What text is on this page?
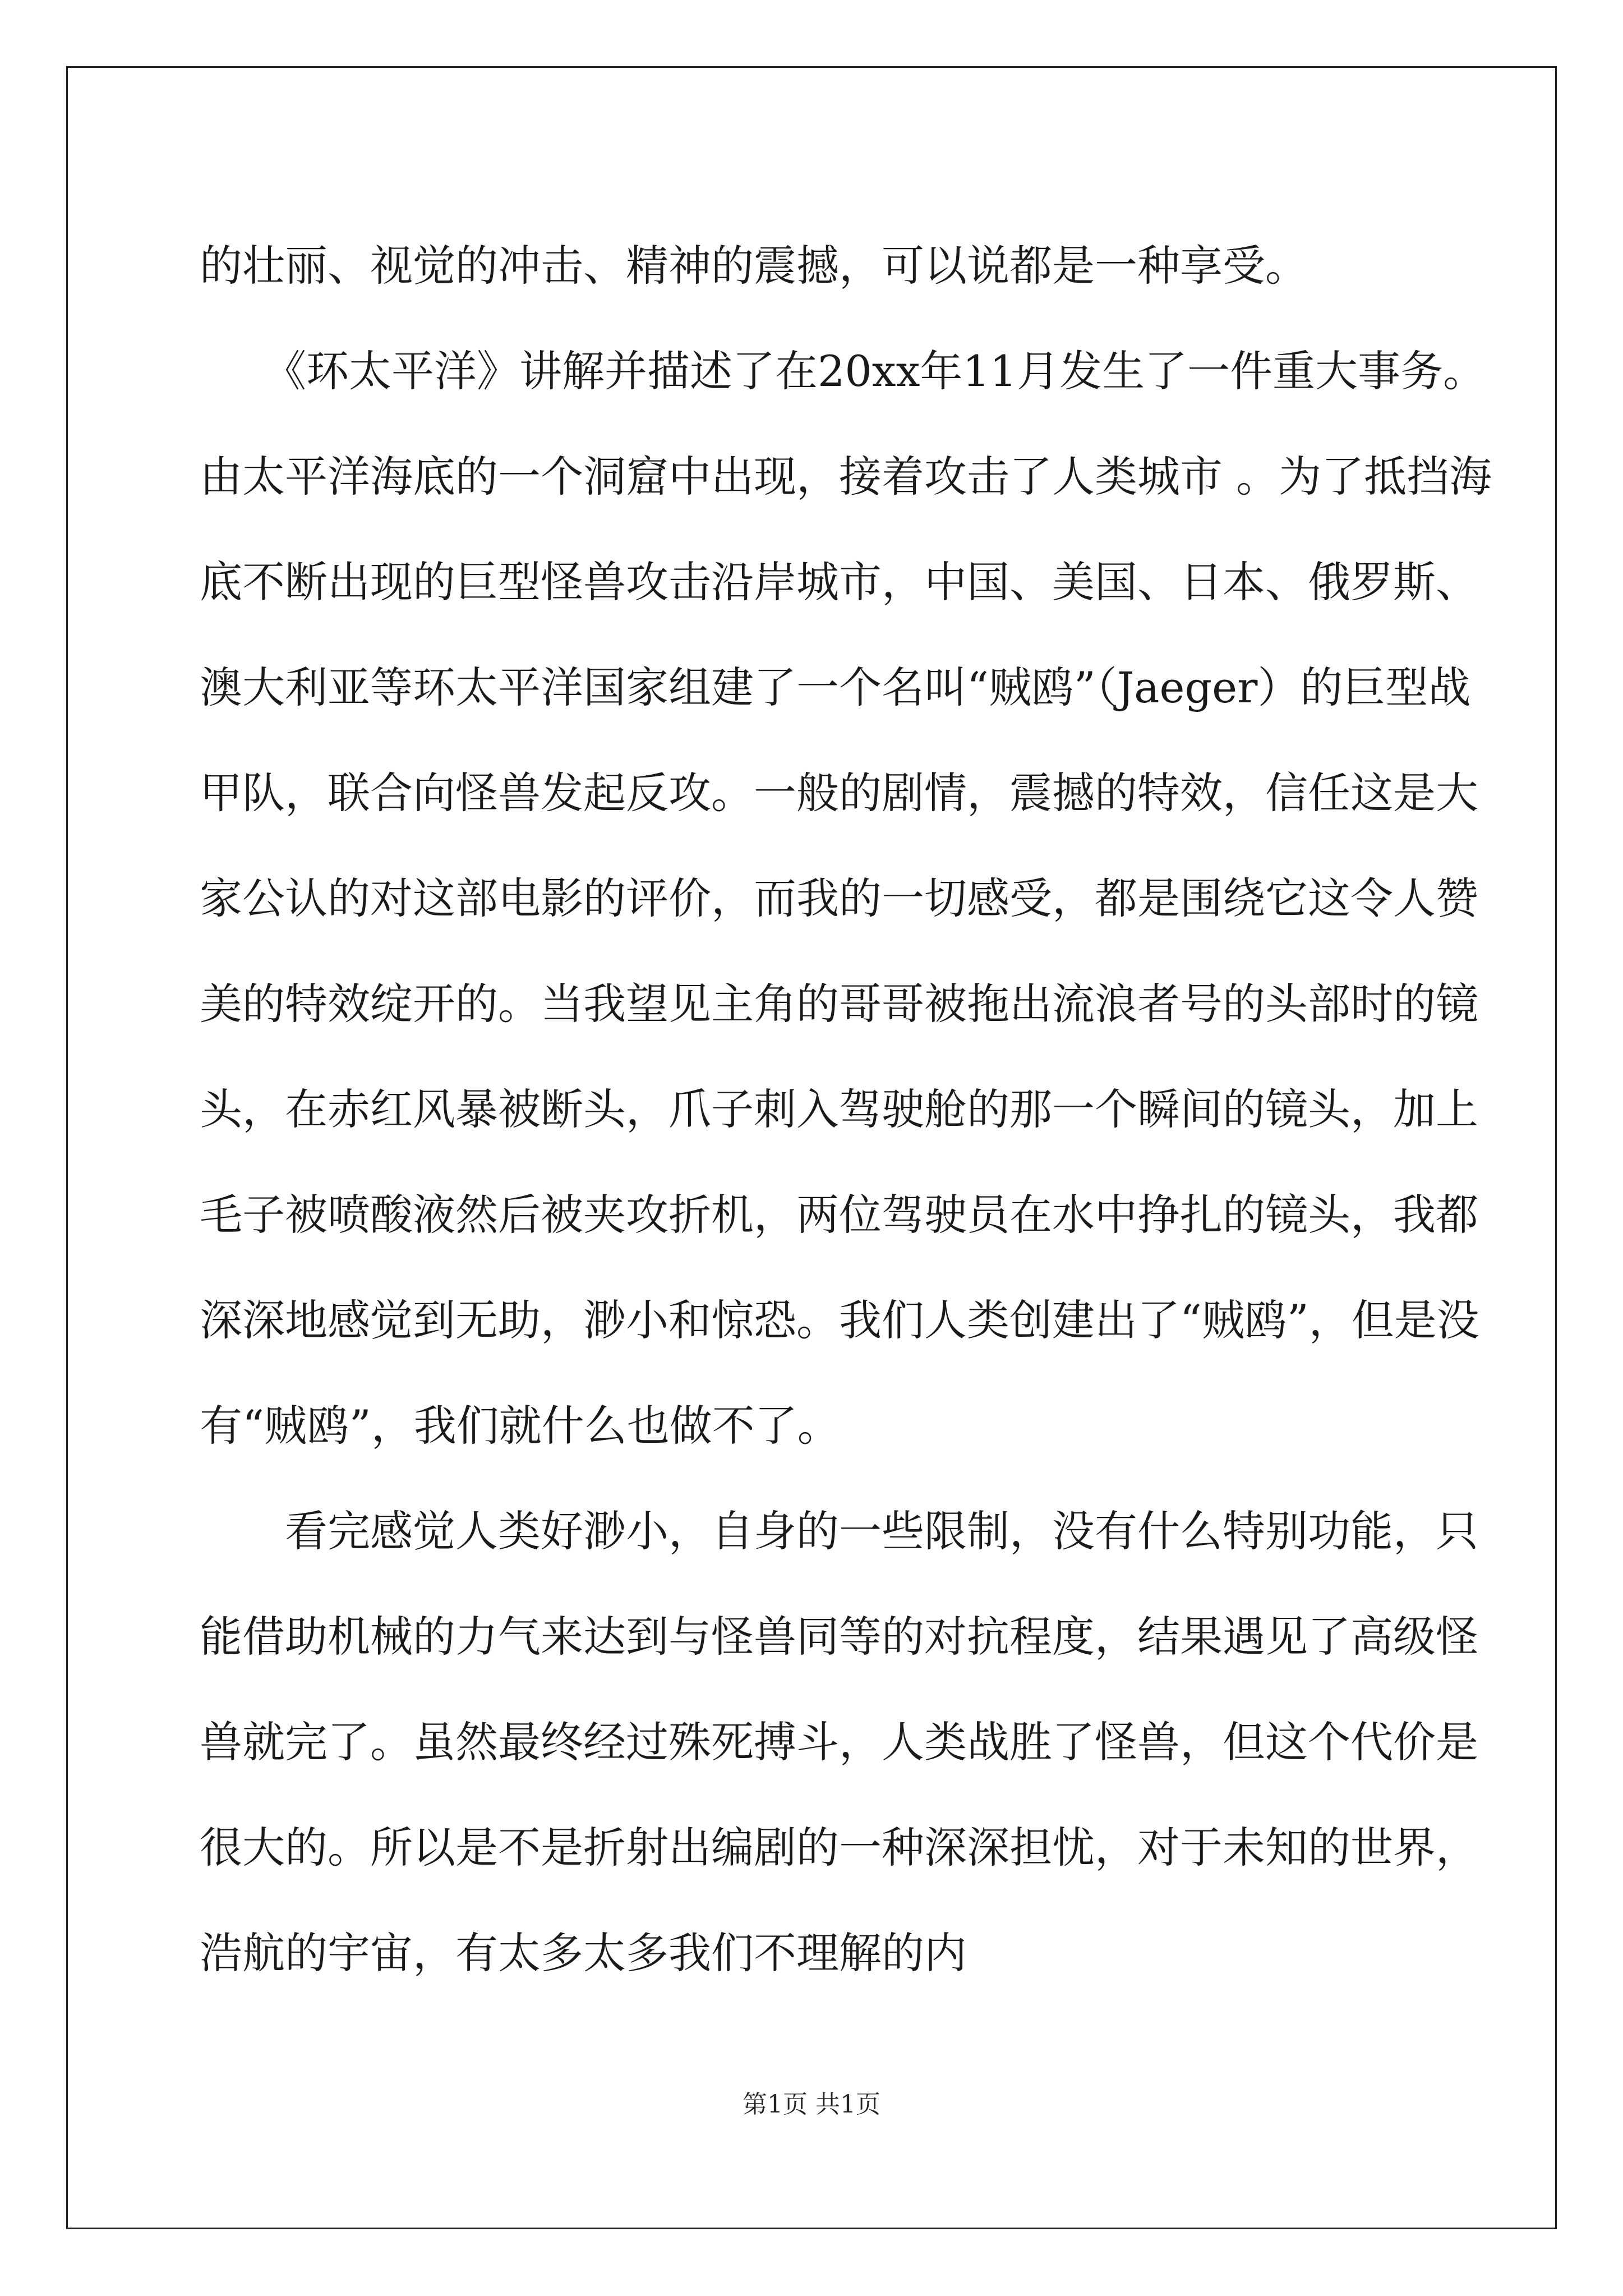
的壮丽、视觉的冲击、精神的震撼，可以说都是一种享受。
　　《环太平洋》讲解并描述了在20xx年11月发生了一件重大事务。
由太平洋海底的一个洞窟中出现，接着攻击了人类城市 。为了抵挡海
底不断出现的巨型怪兽攻击沿岸城市，中国、美国、日本、俄罗斯、
澳大利亚等环太平洋国家组建了一个名叫“贼鸥”（Jaeger）的巨型战
甲队，联合向怪兽发起反攻。一般的剧情，震撼的特效，信任这是大
家公认的对这部电影的评价，而我的一切感受，都是围绕它这令人赞
美的特效绽开的。当我望见主角的哥哥被拖出流浪者号的头部时的镜
头，在赤红风暴被断头，爪子刺入驾驶舱的那一个瞬间的镜头，加上
毛子被喷酸液然后被夹攻折机，两位驾驶员在水中挣扎的镜头，我都
深深地感觉到无助，渺小和惊恐。我们人类创建出了“贼鸥”，但是没
有“贼鸥”，我们就什么也做不了。
　　看完感觉人类好渺小，自身的一些限制，没有什么特别功能，只
能借助机械的力气来达到与怪兽同等的对抗程度，结果遇见了高级怪
兽就完了。虽然最终经过殊死搏斗，人类战胜了怪兽，但这个代价是
很大的。所以是不是折射出编剧的一种深深担忧，对于未知的世界，
浩航的宇宙，有太多太多我们不理解的内
第1页 共1页
